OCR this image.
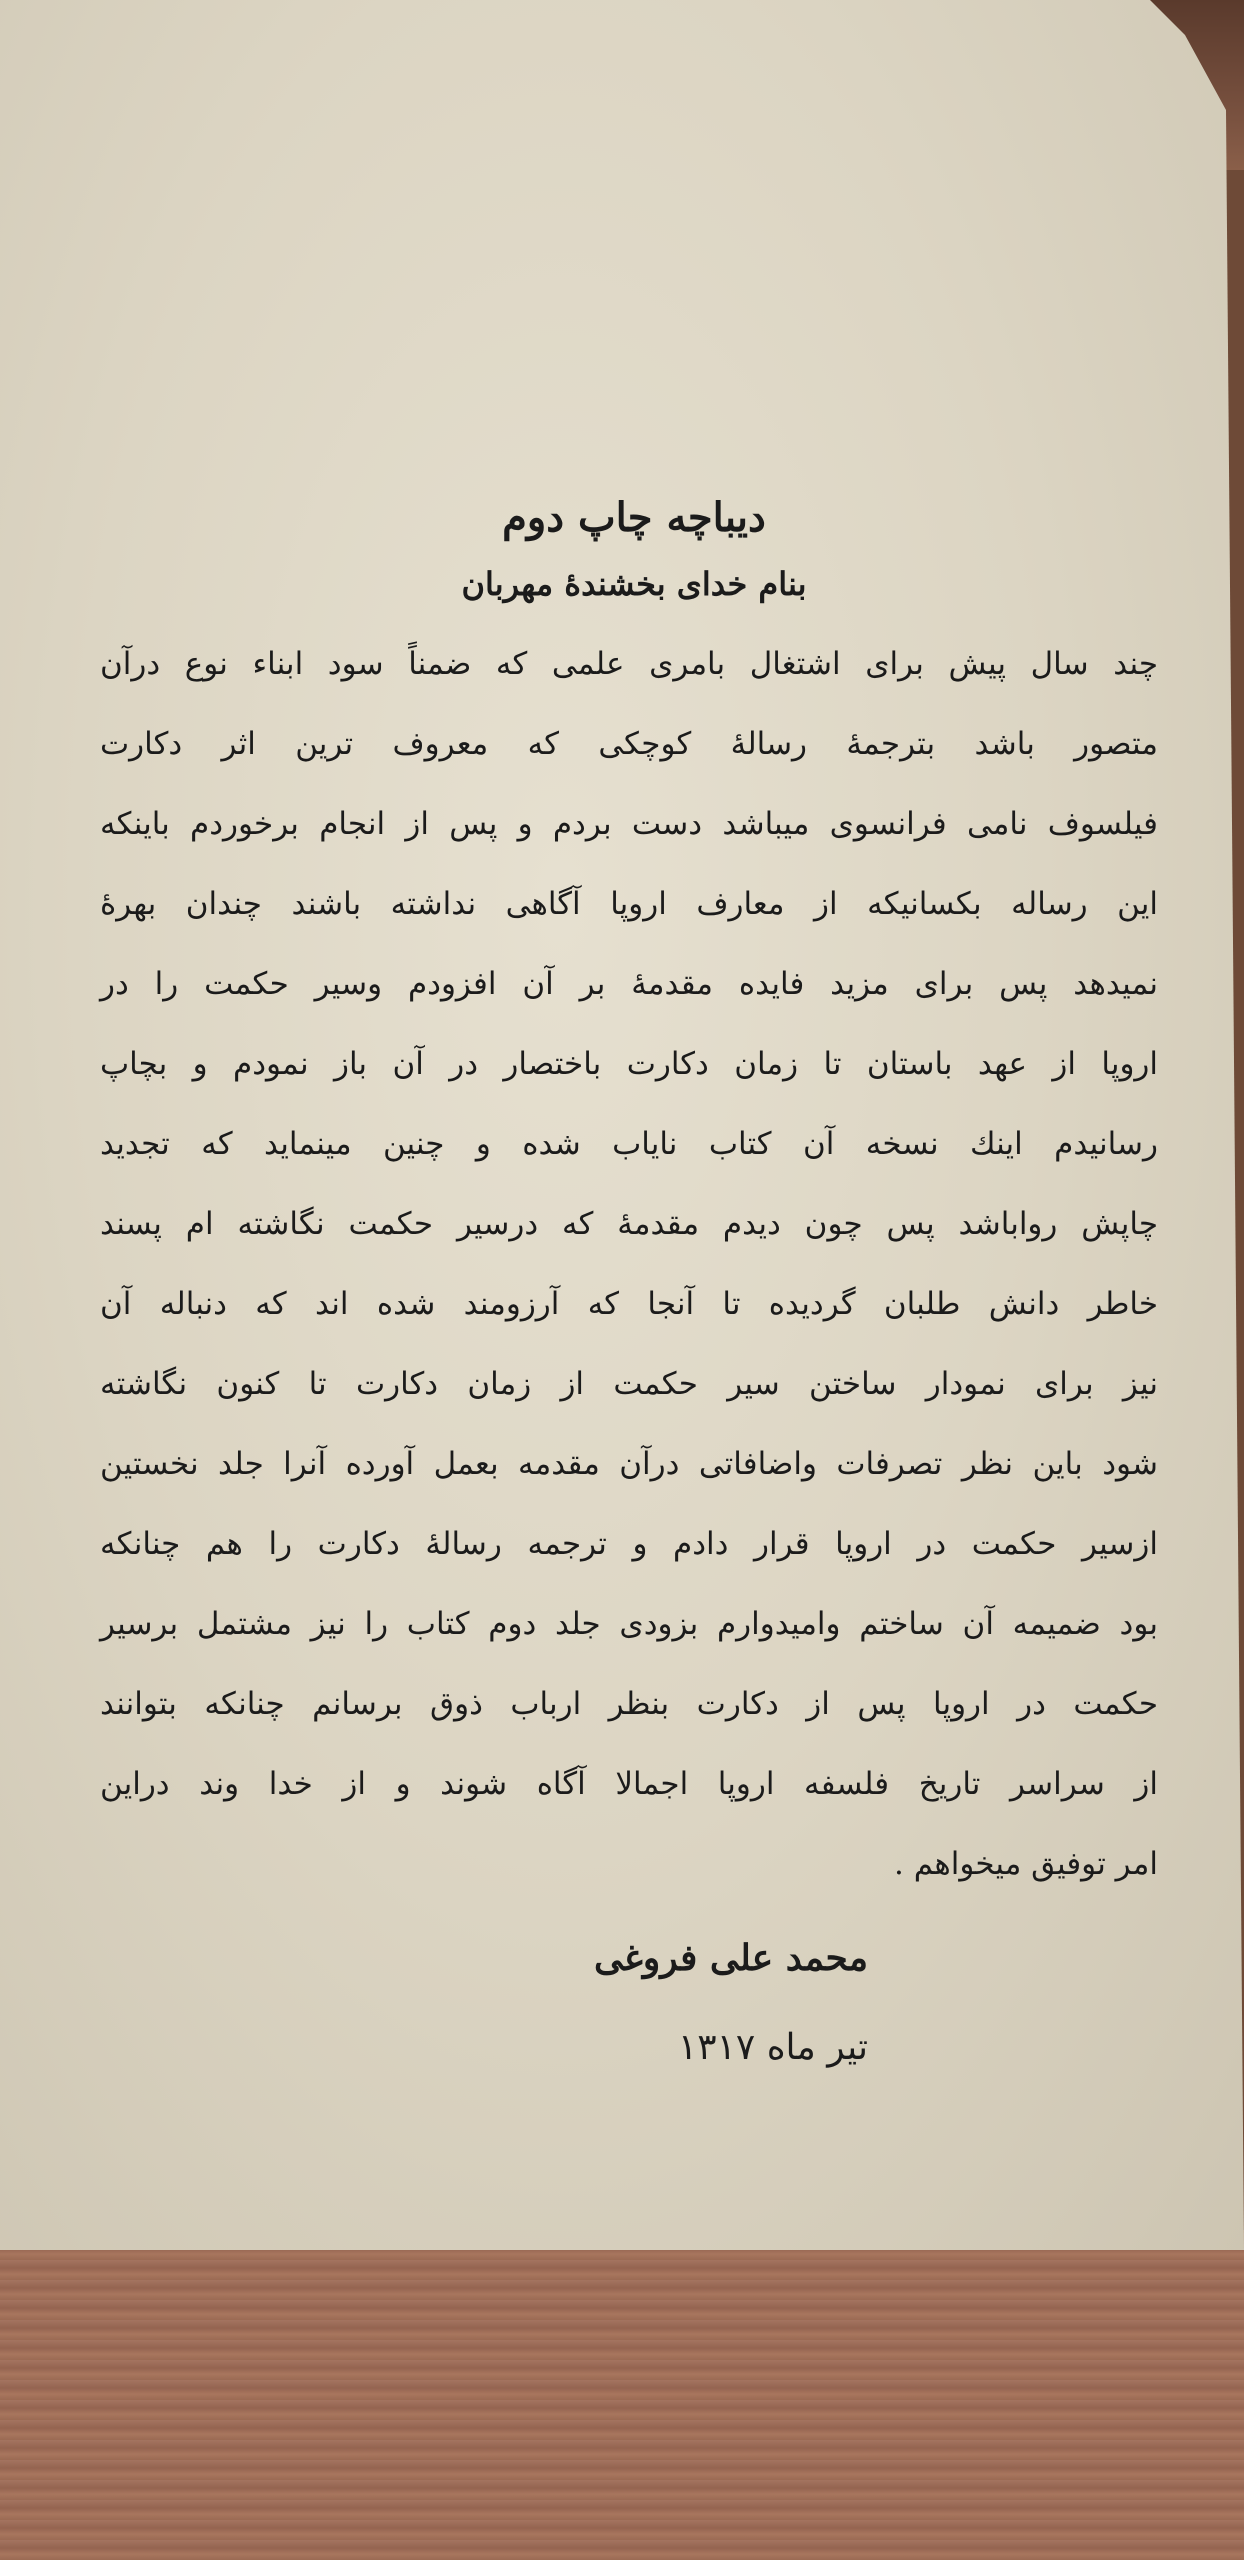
دیباچه چاپ دوم
بنام خدای بخشندهٔ مهربان
چند سال پیش برای اشتغال بامری علمی که ضمناً سود ابناء نوع درآن
متصور باشد بترجمهٔ رسالهٔ کوچکی که معروف ترین اثر دکارت
فیلسوف نامی فرانسوی میباشد دست بردم و پس از انجام برخوردم باینکه
این رساله بکسانیکه از معارف اروپا آگاهی نداشته باشند چندان بهرهٔ
نمیدهد پس برای مزید فایده مقدمهٔ بر آن افزودم وسیر حکمت را در
اروپا از عهد باستان تا زمان دکارت باختصار در آن باز نمودم و بچاپ
رسانیدم اینك نسخه آن کتاب نایاب شده و چنین مینماید که تجدید
چاپش رواباشد پس چون دیدم مقدمهٔ که درسیر حکمت نگاشته ام پسند
خاطر دانش طلبان گردیده تا آنجا که آرزومند شده اند که دنباله آن
نیز برای نمودار ساختن سیر حکمت از زمان دکارت تا کنون نگاشته
شود باین نظر تصرفات واضافاتی درآن مقدمه بعمل آورده آنرا جلد نخستین
ازسیر حکمت در اروپا قرار دادم و ترجمه رسالهٔ دکارت را هم چنانکه
بود ضمیمه آن ساختم وامیدوارم بزودی جلد دوم کتاب را نیز مشتمل برسیر
حکمت در اروپا پس از دکارت بنظر ارباب ذوق برسانم چنانکه بتوانند
از سراسر تاریخ فلسفه اروپا اجمالا آگاه شوند و از خدا وند دراین
امر توفیق میخواهم .
محمد علی فروغی
تیر ماه ۱۳۱۷
